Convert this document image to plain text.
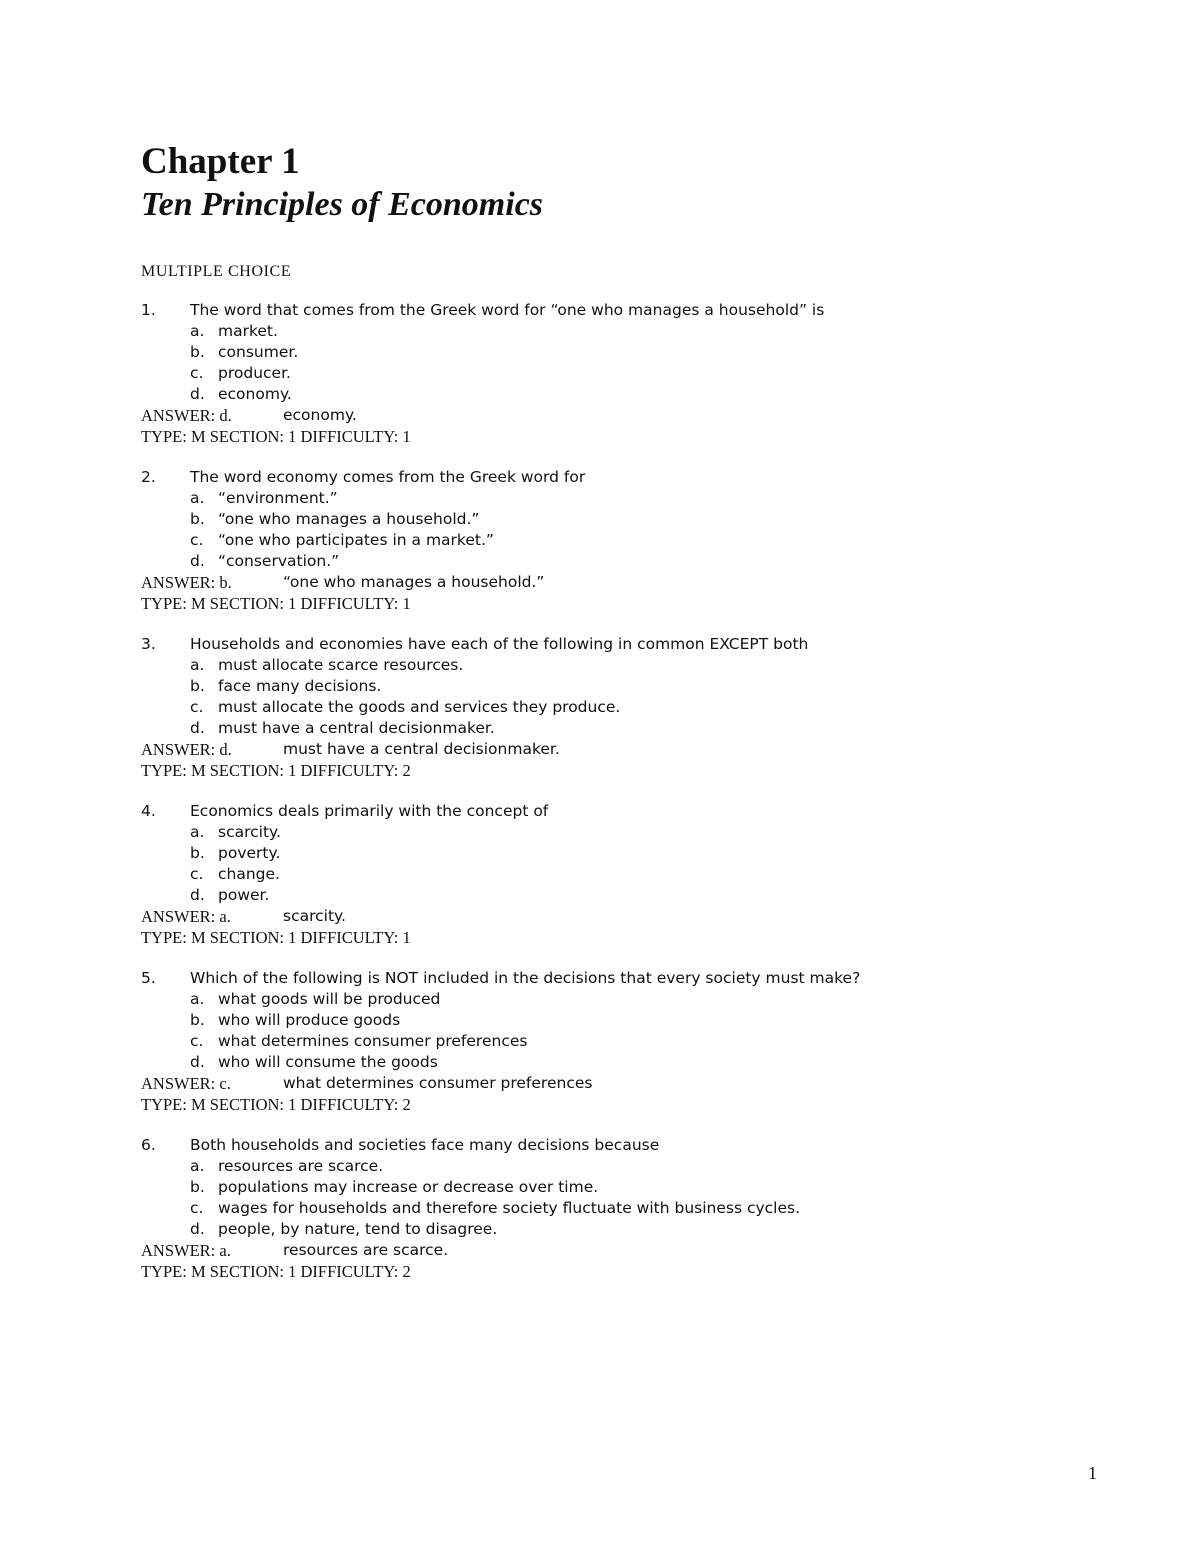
Chapter 1
Ten Principles of Economics
MULTIPLE CHOICE
1.	The word that comes from the Greek word for “one who manages a household” is
a. market.
b. consumer.
c. producer.
d. economy.
ANSWER: d.	economy.
TYPE: M SECTION: 1 DIFFICULTY: 1
2.	The word economy comes from the Greek word for
a. “environment.”
b. “one who manages a household.”
c. “one who participates in a market.”
d. “conservation.”
ANSWER: b.	“one who manages a household.”
TYPE: M SECTION: 1 DIFFICULTY: 1
3.	Households and economies have each of the following in common EXCEPT both
a. must allocate scarce resources.
b. face many decisions.
c. must allocate the goods and services they produce.
d. must have a central decisionmaker.
ANSWER: d.	must have a central decisionmaker.
TYPE: M SECTION: 1 DIFFICULTY: 2
4.	Economics deals primarily with the concept of
a. scarcity.
b. poverty.
c. change.
d. power.
ANSWER: a.	scarcity.
TYPE: M SECTION: 1 DIFFICULTY: 1
5.	Which of the following is NOT included in the decisions that every society must make?
a. what goods will be produced
b. who will produce goods
c. what determines consumer preferences
d. who will consume the goods
ANSWER: c.	what determines consumer preferences
TYPE: M SECTION: 1 DIFFICULTY: 2
6.	Both households and societies face many decisions because
a. resources are scarce.
b. populations may increase or decrease over time.
c. wages for households and therefore society fluctuate with business cycles.
d. people, by nature, tend to disagree.
ANSWER: a.	resources are scarce.
TYPE: M SECTION: 1 DIFFICULTY: 2
1
